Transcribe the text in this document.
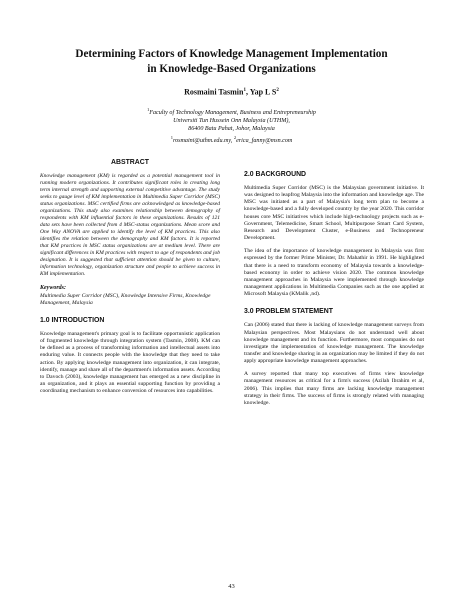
Determining Factors of Knowledge Management Implementation
in Knowledge-Based Organizations
Rosmaini Tasmin$^1$, Yap L $S^2$
$^1$Faculty of Technology Management, Business and Entrepreneurship
Universiti Tun Hussein Onn Malaysia (UTHM),
86400 Batu Pahat, Johor, Malaysia
$^1$rosmaini@uthm.edu.my, $^2$erica_fanny@msn.com
ABSTRACT

Knowledge management (KM) is regarded as a potential management tool in running modern organizations. It contributes significant roles in creating long term internal strength and supporting external competitive advantage. The study seeks to gauge level of KM implementation in Multimedia Super Corridor (MSC) status organizations. MSC certified firms are acknowledged as knowledge-based organizations. This study also examines relationship between demography of respondents with KM influential factors in these organizations. Results of 121 data sets have been collected from 4 MSC-status organizations. Mean score and One Way ANOVA are applied to identify the level of KM practices. This also identifies the relation between the demography and KM factors. It is reported that KM practices in MSC status organizations are at medium level. There are significant differences in KM practices with respect to age of respondents and job designation. It is suggested that sufficient attention should be given to culture, information technology, organization structure and people to achieve success in KM implementation.

Keywords:
Multimedia Super Corridor (MSC), Knowledge Intensive Firms, Knowledge Management, Malaysia
1.0 INTRODUCTION

Knowledge management's primary goal is to facilitate opportunistic application of fragmented knowledge through integration system (Tasmin, 2008). KM can be defined as a process of transforming information and intellectual assets into enduring value. It connects people with the knowledge that they need to take action. By applying knowledge management into organization, it can integrate, identify, manage and share all of the department's information assets. According to Davoch (2003), knowledge management has emerged as a new discipline in an organization, and it plays an essential supporting function by providing a coordinating mechanism to enhance conversion of resources into capabilities.

2.0 BACKGROUND

Multimedia Super Corridor (MSC) is the Malaysian government initiative. It was designed to leapfrog Malaysia into the information and knowledge age. The MSC was initiated as a part of Malaysia's long term plan to become a knowledge-based and a fully developed country by the year 2020. This corridor houses core MSC initiatives which include high-technology projects such as e-Government, Telemedicine, Smart School, Multipurpose Smart Card System, Research and Development Cluster, e-Business and Technopreneur Development.

The idea of the importance of knowledge management in Malaysia was first expressed by the former Prime Minister, Dr. Mahathir in 1991. He highlighted that there is a need to transform economy of Malaysia towards a knowledge-based economy in order to achieve vision 2020. The common knowledge management approaches in Malaysia were implemented through knowledge management applications in Multimedia Companies such as the one applied at Microsoft Malaysia (KMalik ,nd).

3.0 PROBLEM STATEMENT

Can (2006) stated that there is lacking of knowledge management surveys from Malaysian perspectives. Most Malaysians do not understand well about knowledge management and its function. Furthermore, most companies do not investigate the implementation of knowledge management. The knowledge transfer and knowledge sharing in an organization may be limited if they do not apply appropriate knowledge management approaches.

A survey reported that many top executives of firms view knowledge management resources as critical for a firm's success (Azilah Ibrahim et al, 2006). This implies that many firms are lacking knowledge management strategy in their firms. The success of firms is strongly related with managing knowledge.

43
